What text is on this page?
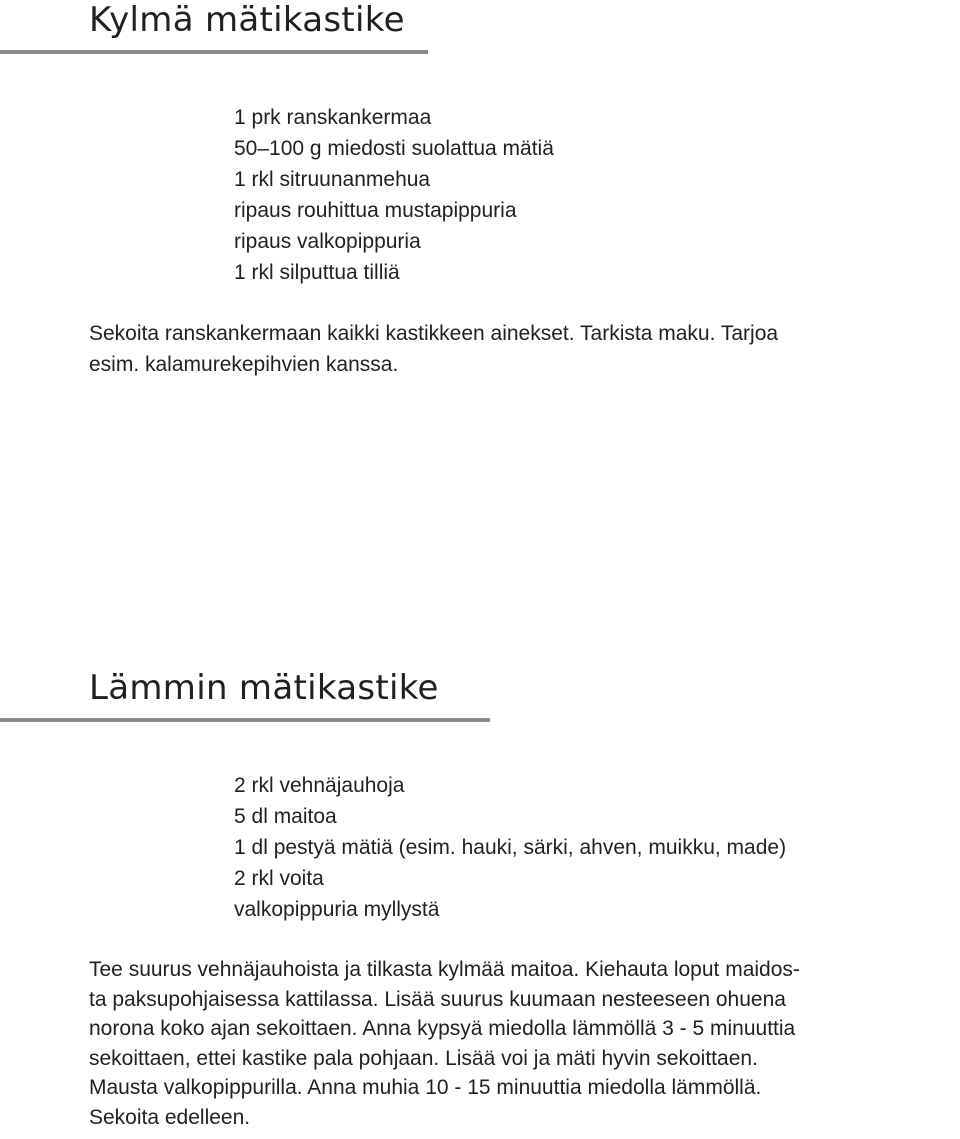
Kylmä mätikastike
1 prk ranskankermaa
50–100 g miedosti suolattua mätiä
1 rkl sitruunanmehua
ripaus rouhittua mustapippuria
ripaus valkopippuria
1 rkl silputtua tilliä

Sekoita ranskankermaan kaikki kastikkeen ainekset. Tarkista maku. Tarjoa
esim. kalamurekepihvien kanssa.

Lämmin mätikastike
2 rkl vehnäjauhoja
5 dl maitoa
1 dl pestyä mätiä (esim. hauki, särki, ahven, muikku, made)
2 rkl voita
valkopippuria myllystä

Tee suurus vehnäjauhoista ja tilkasta kylmää maitoa. Kiehauta loput maidos-
ta paksupohjaisessa kattilassa. Lisää suurus kuumaan nesteeseen ohuena
norona koko ajan sekoittaen. Anna kypsyä miedolla lämmöllä 3 - 5 minuuttia
sekoittaen, ettei kastike pala pohjaan. Lisää voi ja mäti hyvin sekoittaen.
Mausta valkopippurilla. Anna muhia 10 - 15 minuuttia miedolla lämmöllä.
Sekoita edelleen.
